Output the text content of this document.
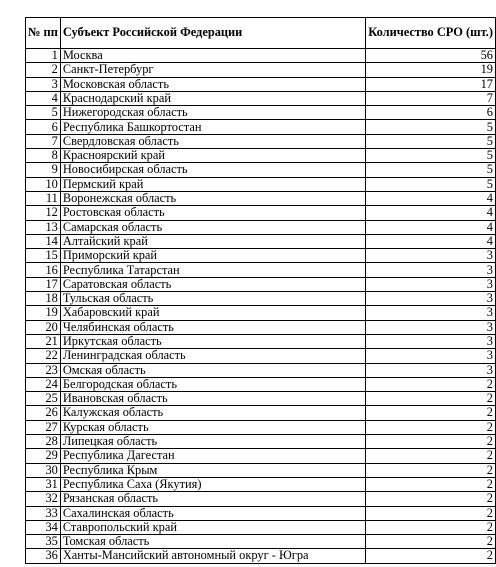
№ пп	Субъект Российской Федерации	Количество СРО (шт.)
1	Москва	56
2	Санкт-Петербург	19
3	Московская область	17
4	Краснодарский край	7
5	Нижегородская область	6
6	Республика Башкортостан	5
7	Свердловская область	5
8	Красноярский край	5
9	Новосибирская область	5
10	Пермский край	5
11	Воронежская область	4
12	Ростовская область	4
13	Самарская область	4
14	Алтайский край	4
15	Приморский край	3
16	Республика Татарстан	3
17	Саратовская область	3
18	Тульская область	3
19	Хабаровский край	3
20	Челябинская область	3
21	Иркутская область	3
22	Ленинградская область	3
23	Омская область	3
24	Белгородская область	2
25	Ивановская область	2
26	Калужская область	2
27	Курская область	2
28	Липецкая область	2
29	Республика Дагестан	2
30	Республика Крым	2
31	Республика Саха (Якутия)	2
32	Рязанская область	2
33	Сахалинская область	2
34	Ставропольский край	2
35	Томская область	2
36	Ханты-Мансийский автономный округ - Югра	2
